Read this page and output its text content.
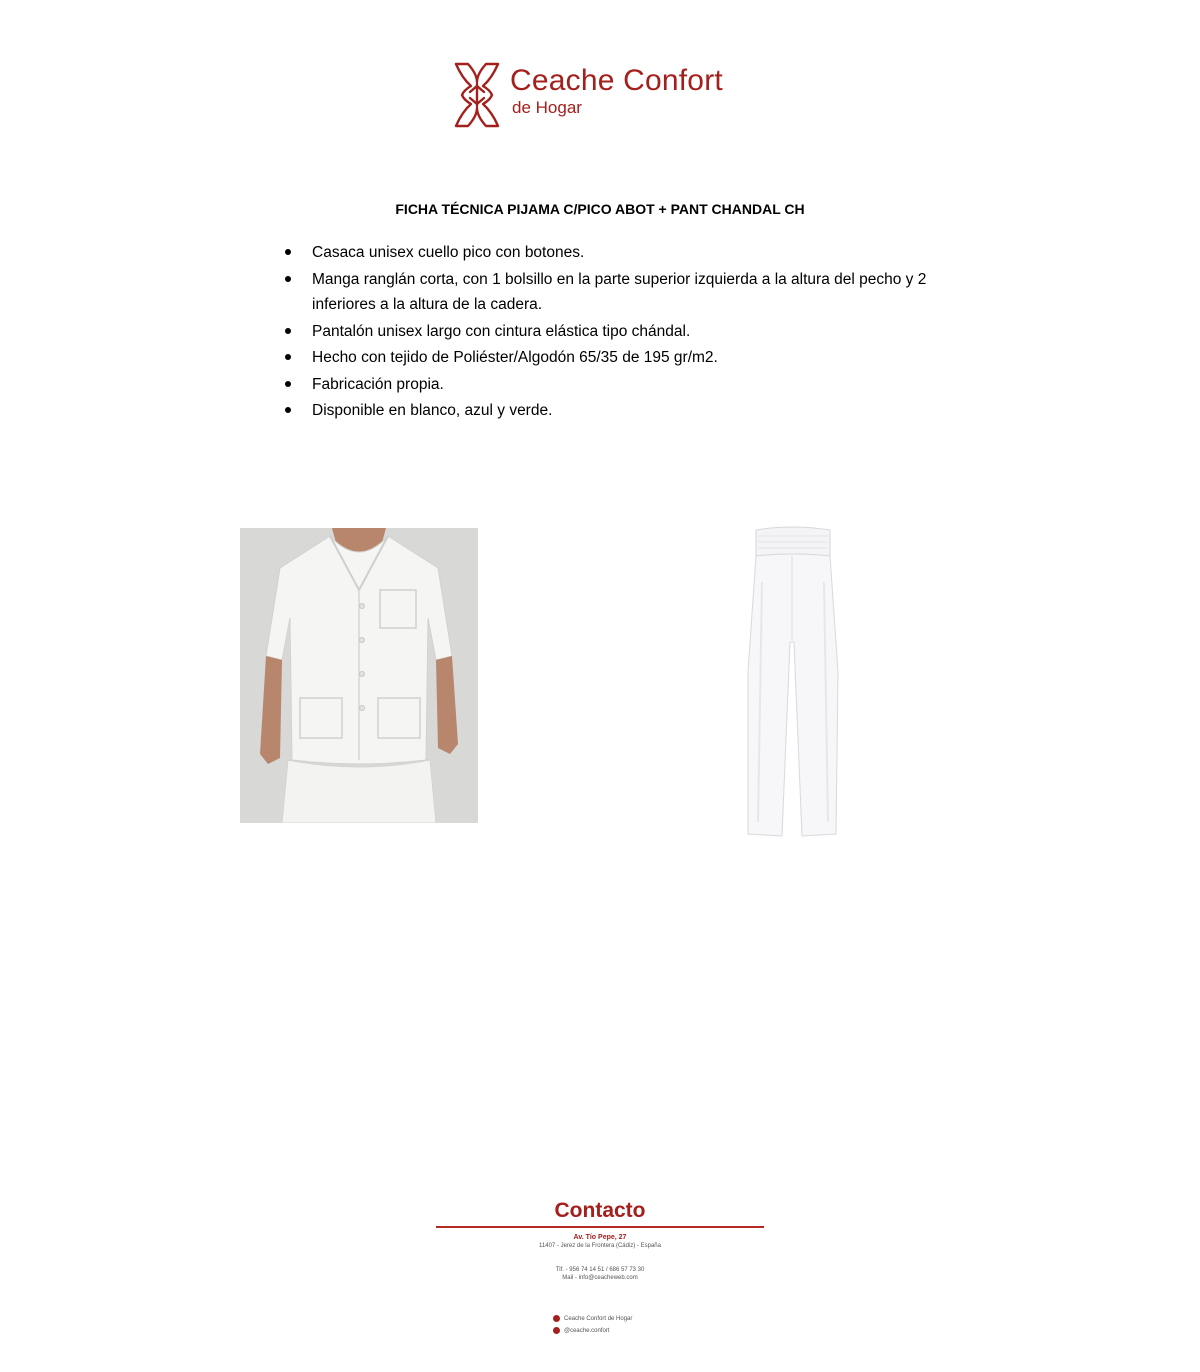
Ceache Confort
de Hogar
FICHA TÉCNICA PIJAMA C/PICO ABOT + PANT CHANDAL CH
Casaca unisex cuello pico con botones.
Manga ranglán corta, con 1 bolsillo en la parte superior izquierda a la altura del pecho y 2 inferiores a la altura de la cadera.
Pantalón unisex largo con cintura elástica tipo chándal.
Hecho con tejido de Poliéster/Algodón 65/35 de 195 gr/m2.
Fabricación propia.
Disponible en blanco, azul y verde.
Contacto
Av. Tío Pepe, 27
11407 - Jerez de la Frontera (Cádiz) - España
Tlf. - 956 74 14 51 / 686 57 73 30
Mail - info@ceacheweb.com
Ceache Confort de Hogar
@ceache.confort
